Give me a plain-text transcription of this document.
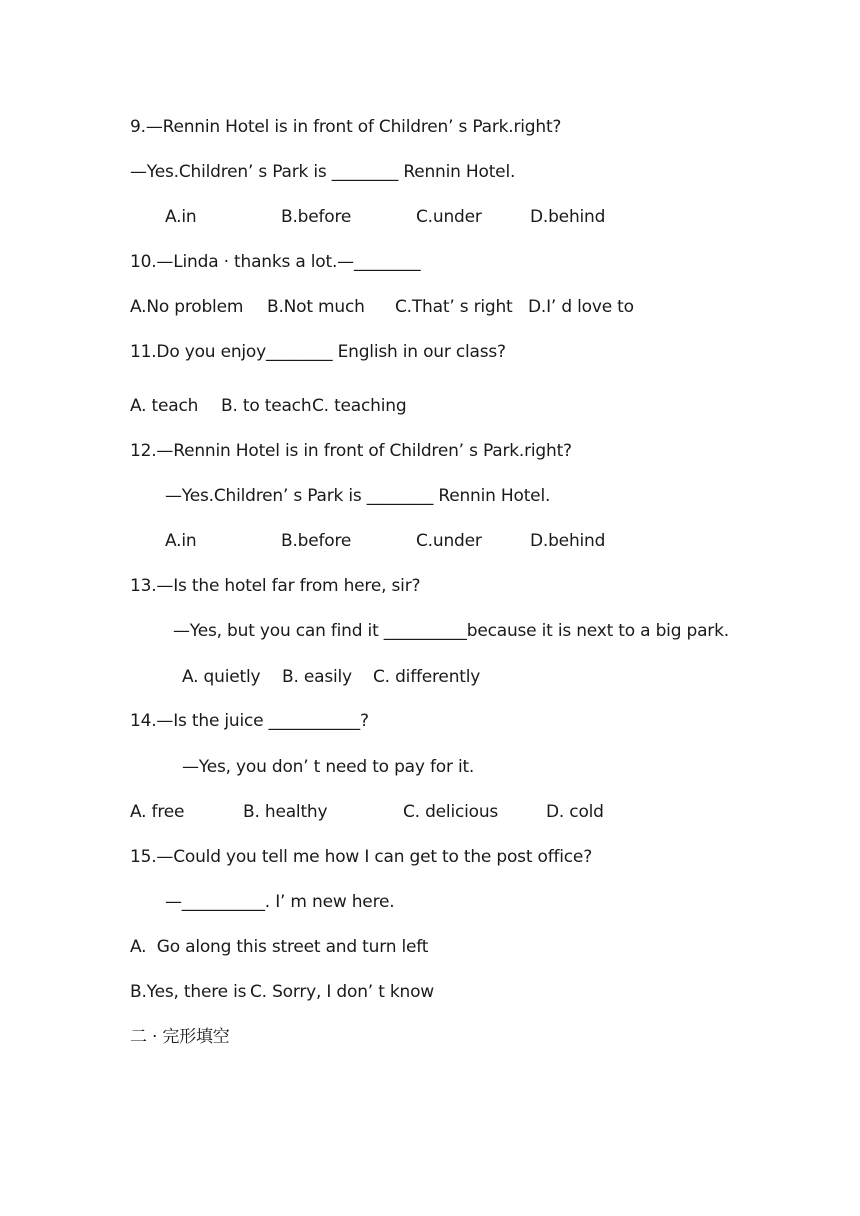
9.—Rennin Hotel is in front of Children’ s Park.right?
—Yes.Children’ s Park is ________ Rennin Hotel.
A.in	B.before	C.under	D.behind
10.—Linda · thanks a lot.—________
A.No problem B.Not much C.That’ s right D.I’ d love to
11.Do you enjoy________ English in our class?
A. teach B. to teach C. teaching
12.—Rennin Hotel is in front of Children’ s Park.right?
—Yes.Children’ s Park is ________ Rennin Hotel.
A.in	B.before	C.under	D.behind
13.—Is the hotel far from here, sir?
—Yes, but you can find it __________because it is next to a big park.
A. quietly B. easily C. differently
14.—Is the juice ___________?
—Yes, you don’ t need to pay for it.
A. free	B. healthy	C. delicious	D. cold
15.—Could you tell me how I can get to the post office?
—__________. I’ m new here.
A.  Go along this street and turn left
B.Yes, there is C. Sorry, I don’ t know
二 · 完形填空
